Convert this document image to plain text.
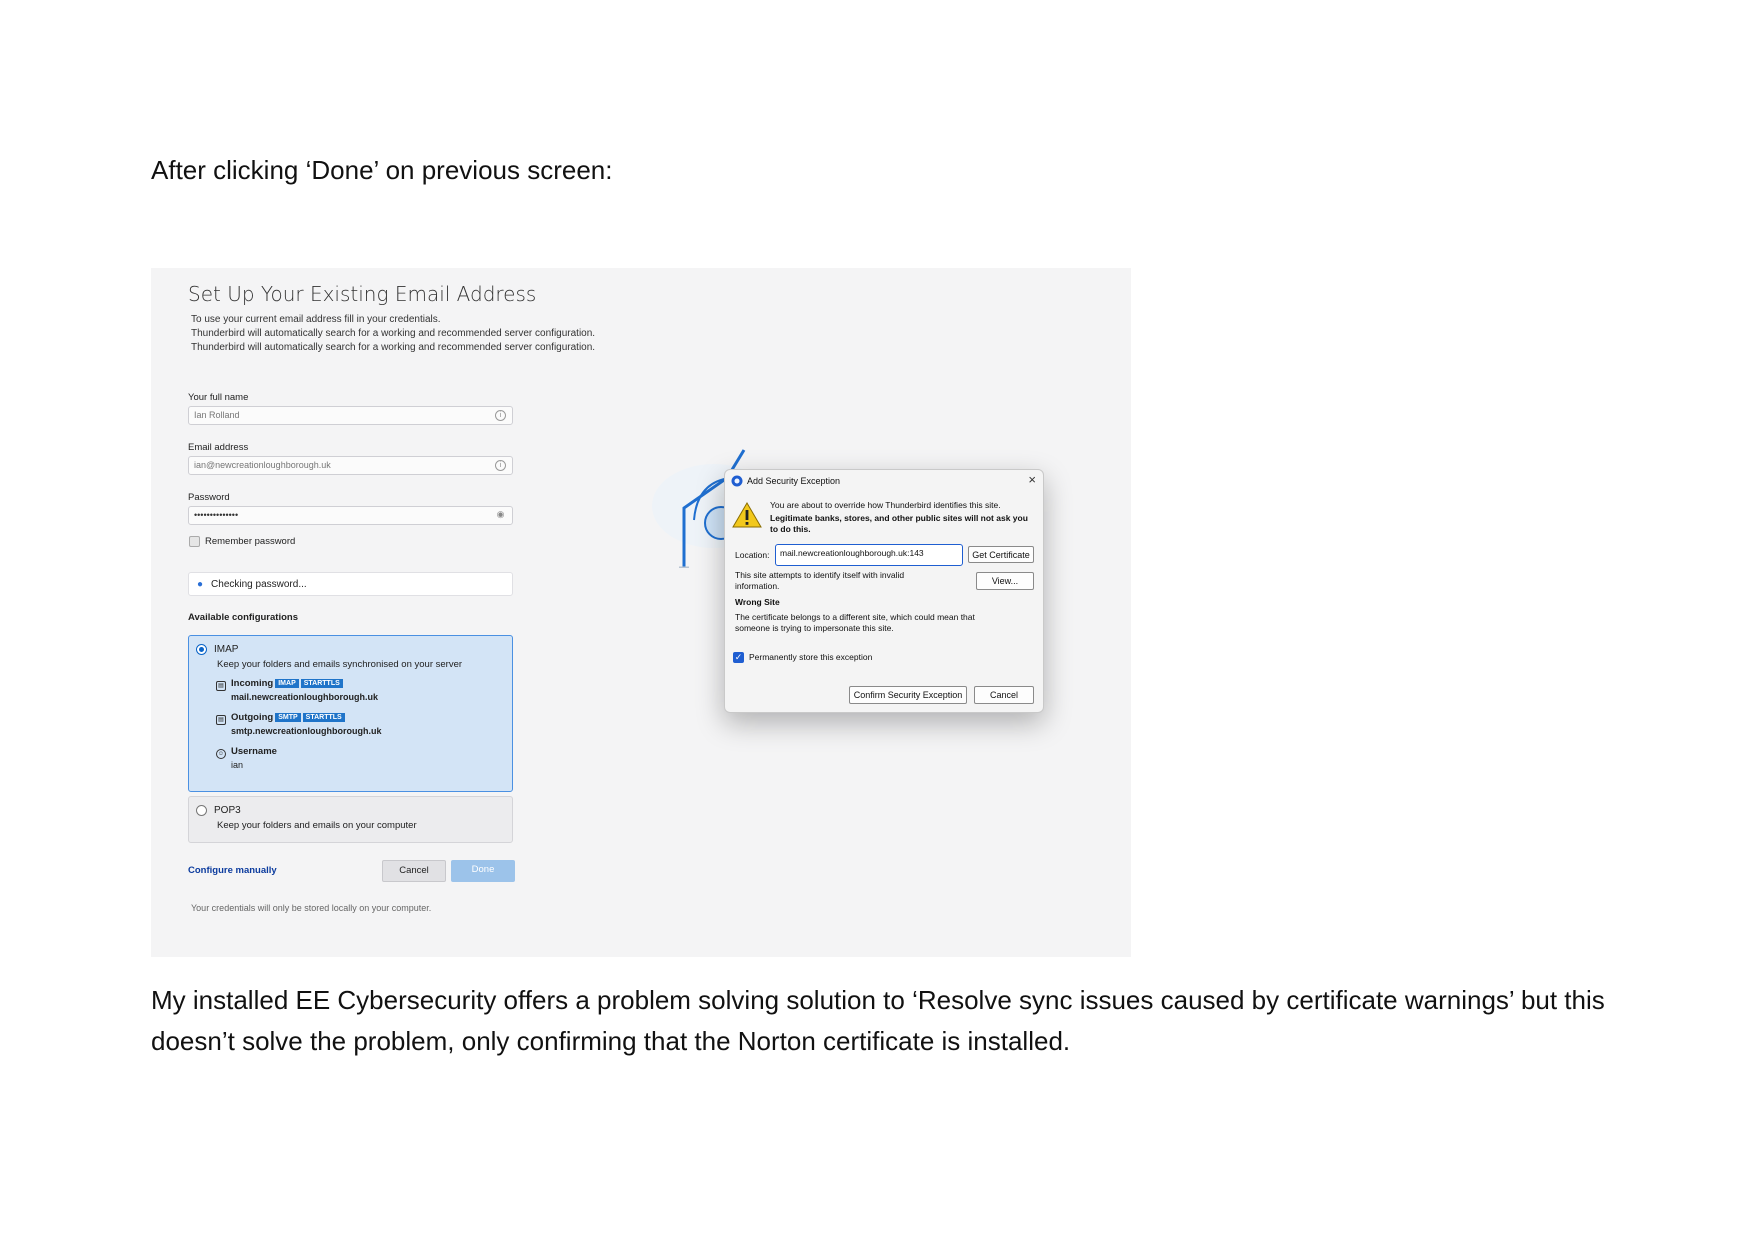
After clicking ‘Done’ on previous screen:
Set Up Your Existing Email Address
To use your current email address fill in your credentials.
Thunderbird will automatically search for a working and recommended server configuration.
Thunderbird will automatically search for a working and recommended server configuration.
Your full name
Ian Rolland	i
Email address
ian@newcreationloughborough.uk	i
Password
••••••••••••••	◉
Remember password
● Checking password...
Available configurations
IMAP
Keep your folders and emails synchronised on your server
▤ Incoming IMAP STARTTLS
mail.newcreationloughborough.uk
▤ Outgoing SMTP STARTTLS
smtp.newcreationloughborough.uk
☺ Username
ian
POP3
Keep your folders and emails on your computer
Configure manually	Cancel	Done
Your credentials will only be stored locally on your computer.
Add Security Exception	×
You are about to override how Thunderbird identifies this site.
Legitimate banks, stores, and other public sites will not ask you to do this.
Location:	mail.newcreationloughborough.uk:143	Get Certificate
This site attempts to identify itself with invalid information.	View...
Wrong Site
The certificate belongs to a different site, which could mean that someone is trying to impersonate this site.
✓ Permanently store this exception
Confirm Security Exception	Cancel
My installed EE Cybersecurity offers a problem solving solution to ‘Resolve sync issues caused by certificate warnings’ but this doesn’t solve the problem, only confirming that the Norton certificate is installed.
